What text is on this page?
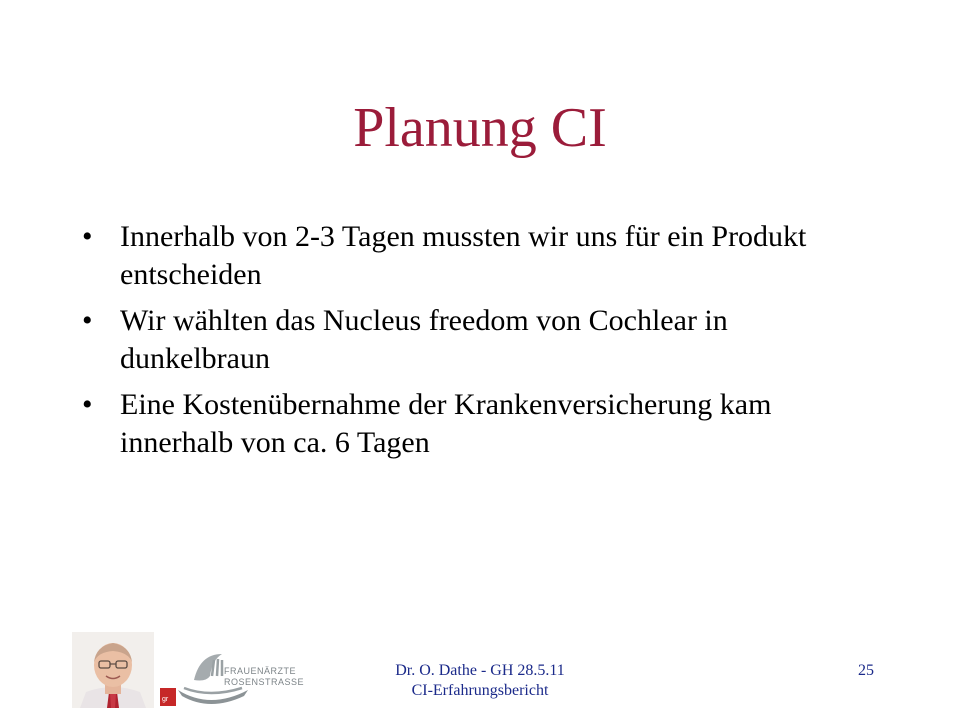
Planung CI
• Innerhalb von 2-3 Tagen mussten wir uns für ein Produkt entscheiden
• Wir wählten das Nucleus freedom von Cochlear in dunkelbraun
• Eine Kostenübernahme der Krankenversicherung kam innerhalb von ca. 6 Tagen
gr
FRAUENÄRZTE
ROSENSTRASSE
Dr. O. Dathe - GH 28.5.11
CI-Erfahrungsbericht
25
